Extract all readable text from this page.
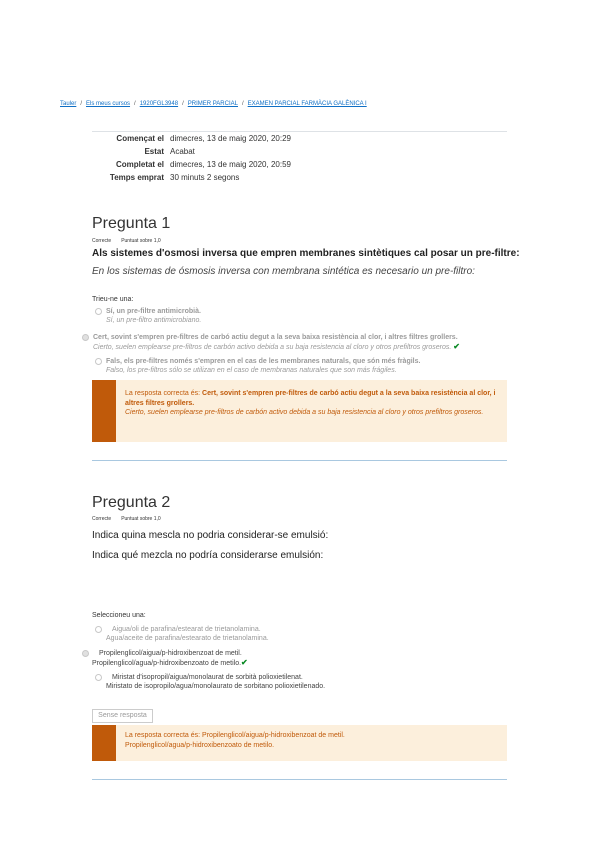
Tauler / Els meus cursos / 1920FGL3948 / PRIMER PARCIAL / EXAMEN PARCIAL FARMÀCIA GALÈNICA I
Començat el dimecres, 13 de maig 2020, 20:29
Estat Acabat
Completat el dimecres, 13 de maig 2020, 20:59
Temps emprat 30 minuts 2 segons
Pregunta 1
Correcte Puntuat sobre 1,0
Als sistemes d'osmosi inversa que empren membranes sintètiques cal posar un pre-filtre:
En los sistemas de ósmosis inversa con membrana sintética es necesario un pre-filtro:
Trieu-ne una:
Sí, un pre-filtre antimicrobià.
Sí, un pre-filtro antimicrobiano.
Cert, sovint s'empren pre-filtres de carbó actiu degut a la seva baixa resistència al clor, i altres filtres grollers.
Cierto, suelen emplearse pre-filtros de carbón activo debida a su baja resistencia al cloro y otros prefiltros groseros. ✔
Fals, els pre-filtres només s'empren en el cas de les membranes naturals, que són més fràgils.
Falso, los pre-filtros sólo se utilizan en el caso de membranas naturales que son más frágiles.
La resposta correcta és: Cert, sovint s'empren pre-filtres de carbó actiu degut a la seva baixa resistència al clor, i altres filtres grollers.
Cierto, suelen emplearse pre-filtros de carbón activo debida a su baja resistencia al cloro y otros prefiltros groseros.
Pregunta 2
Correcte Puntuat sobre 1,0
Indica quina mescla no podria considerar-se emulsió:
Indica qué mezcla no podría considerarse emulsión:
Seleccioneu una:
Aigua/oli de parafina/estearat de trietanolamina.
Agua/aceite de parafina/estearato de trietanolamina.
Propilenglicol/aigua/p-hidroxibenzoat de metil.
Propilenglicol/agua/p-hidroxibenzoato de metilo.✔
Miristat d'isopropil/aigua/monolaurat de sorbità polioxietilenat.
Miristato de isopropilo/agua/monolaurato de sorbitano polioxietilenado.
Sense resposta
La resposta correcta és: Propilenglicol/aigua/p-hidroxibenzoat de metil.
Propilenglicol/agua/p-hidroxibenzoato de metilo.
